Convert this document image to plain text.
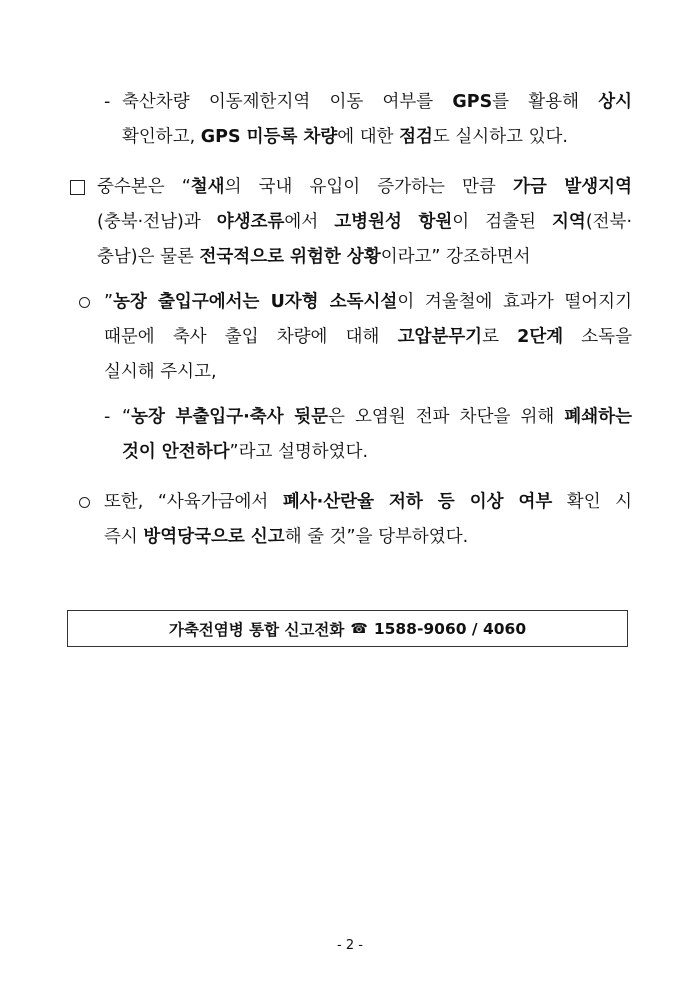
- 축산차량 이동제한지역 이동 여부를 GPS를 활용해 상시
확인하고, GPS 미등록 차량에 대한 점검도 실시하고 있다.
중수본은 “철새의 국내 유입이 증가하는 만큼 가금 발생지역
(충북·전남)과 야생조류에서 고병원성 항원이 검출된 지역(전북·
충남)은 물론 전국적으로 위험한 상황이라고” 강조하면서
”농장 출입구에서는 U자형 소독시설이 겨울철에 효과가 떨어지기
때문에 축사 출입 차량에 대해 고압분무기로 2단계 소독을
실시해 주시고,
- “농장 부출입구·축사 뒷문은 오염원 전파 차단을 위해 폐쇄하는
것이 안전하다”라고 설명하였다.
또한, “사육가금에서 폐사·산란율 저하 등 이상 여부 확인 시
즉시 방역당국으로 신고해 줄 것”을 당부하였다.
가축전염병 통합 신고전화 ☎ 1588-9060 / 4060
- 2 -
